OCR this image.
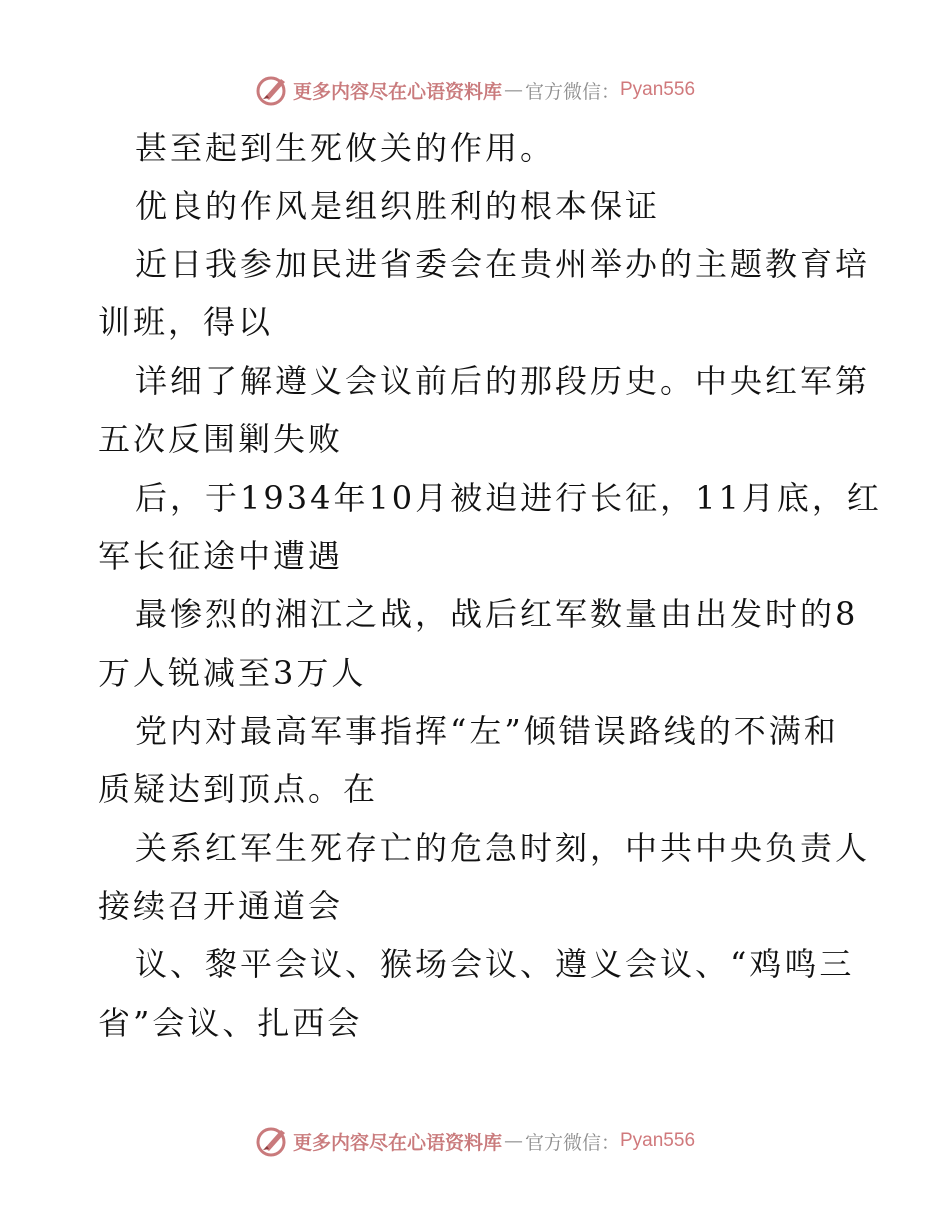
更多内容尽在心语资料库 — 官方微信： Pyan556
甚至起到生死攸关的作用。
优良的作风是组织胜利的根本保证
近日我参加民进省委会在贵州举办的主题教育培
训班，得以
详细了解遵义会议前后的那段历史。中央红军第
五次反围剿失败
后，于1934年10月被迫进行长征，11月底，红
军长征途中遭遇
最惨烈的湘江之战，战后红军数量由出发时的8
万人锐减至3万人
党内对最高军事指挥“左”倾错误路线的不满和
质疑达到顶点。在
关系红军生死存亡的危急时刻，中共中央负责人
接续召开通道会
议、黎平会议、猴场会议、遵义会议、“鸡鸣三
省”会议、扎西会
更多内容尽在心语资料库 — 官方微信： Pyan556
